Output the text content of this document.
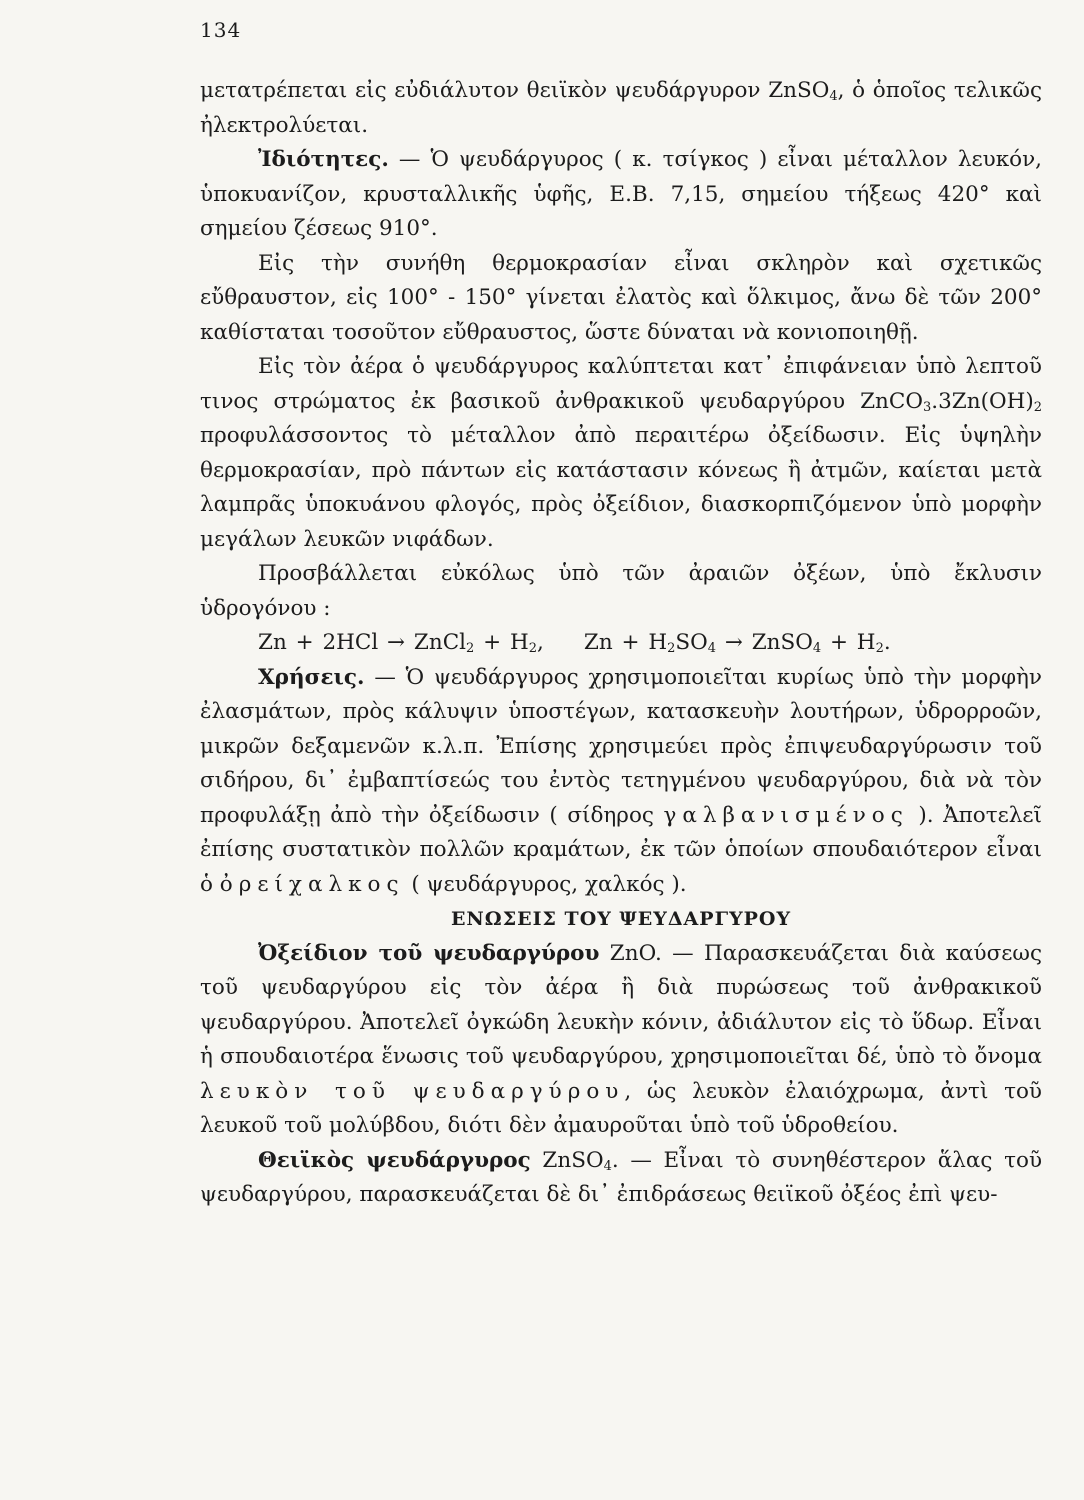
134

μετατρέπεται εἰς εὐδιάλυτον θειϊκὸν ψευδάργυρον ZnSO$_4$, ὁ ὁποῖος τελικῶς ἠλεκτρολύεται.

Ἰδιότητες. — Ὁ ψευδάργυρος ( κ. τσίγκος ) εἶναι μέταλλον λευκόν, ὑποκυανίζον, κρυσταλλικῆς ὑφῆς, Ε.Β. 7,15, σημείου τήξεως 420° καὶ σημείου ζέσεως 910°.

Εἰς τὴν συνήθη θερμοκρασίαν εἶναι σκληρὸν καὶ σχετικῶς εὔθραυστον, εἰς 100° - 150° γίνεται ἐλατὸς καὶ ὅλκιμος, ἄνω δὲ τῶν 200° καθίσταται τοσοῦτον εὔθραυστος, ὥστε δύναται νὰ κονιοποιηθῇ.

Εἰς τὸν ἀέρα ὁ ψευδάργυρος καλύπτεται κατ᾽ ἐπιφάνειαν ὑπὸ λεπτοῦ τινος στρώματος ἐκ βασικοῦ ἀνθρακικοῦ ψευδαργύρου $ZnCO_3.3Zn(OH)_2$ προφυλάσσοντος τὸ μέταλλον ἀπὸ περαιτέρω ὀξείδωσιν. Εἰς ὑψηλὴν θερμοκρασίαν, πρὸ πάντων εἰς κατάστασιν κόνεως ἢ ἀτμῶν, καίεται μετὰ λαμπρᾶς ὑποκυάνου φλογός, πρὸς ὀξείδιον, διασκορπιζόμενον ὑπὸ μορφὴν μεγάλων λευκῶν νιφάδων.

Προσβάλλεται εὐκόλως ὑπὸ τῶν ἀραιῶν ὀξέων, ὑπὸ ἔκλυσιν ὑδρογόνου :

Zn + 2HCl → ZnCl$_2$ + $H_2$, $Zn + H_2SO_4$ → ZnSO$_4$ + $H_2$.

Χρήσεις. — Ὁ ψευδάργυρος χρησιμοποιεῖται κυρίως ὑπὸ τὴν μορφὴν ἐλασμάτων, πρὸς κάλυψιν ὑποστέγων, κατασκευὴν λουτήρων, ὑδρορροῶν, μικρῶν δεξαμενῶν κ.λ.π. Ἐπίσης χρησιμεύει πρὸς ἐπιψευδαργύρωσιν τοῦ σιδήρου, δι᾽ ἐμβαπτίσεώς του ἐντὸς τετηγμένου ψευδαργύρου, διὰ νὰ τὸν προφυλάξῃ ἀπὸ τὴν ὀξείδωσιν ( σίδηρος γαλβανισμένος ). Ἀποτελεῖ ἐπίσης συστατικὸν πολλῶν κραμάτων, ἐκ τῶν ὁποίων σπουδαιότερον εἶναι ὁ ὀρείχαλκος ( ψευδάργυρος, χαλκός ).

ΕΝΩΣΕΙΣ ΤΟΥ ΨΕΥΔΑΡΓΥΡΟΥ

Ὀξείδιον τοῦ ψευδαργύρου ZnO. — Παρασκευάζεται διὰ καύσεως τοῦ ψευδαργύρου εἰς τὸν ἀέρα ἢ διὰ πυρώσεως τοῦ ἀνθρακικοῦ ψευδαργύρου. Ἀποτελεῖ ὀγκώδη λευκὴν κόνιν, ἀδιάλυτον εἰς τὸ ὕδωρ. Εἶναι ἡ σπουδαιοτέρα ἕνωσις τοῦ ψευδαργύρου, χρησιμοποιεῖται δέ, ὑπὸ τὸ ὄνομα λευκὸν τοῦ ψευδαργύρου, ὡς λευκὸν ἐλαιόχρωμα, ἀντὶ τοῦ λευκοῦ τοῦ μολύβδου, διότι δὲν ἀμαυροῦται ὑπὸ τοῦ ὑδροθείου.

Θειϊκὸς ψευδάργυρος ZnSO$_4$. — Εἶναι τὸ συνηθέστερον ἅλας τοῦ ψευδαργύρου, παρασκευάζεται δὲ δι᾽ ἐπιδράσεως θειϊκοῦ ὀξέος ἐπὶ ψευ-
